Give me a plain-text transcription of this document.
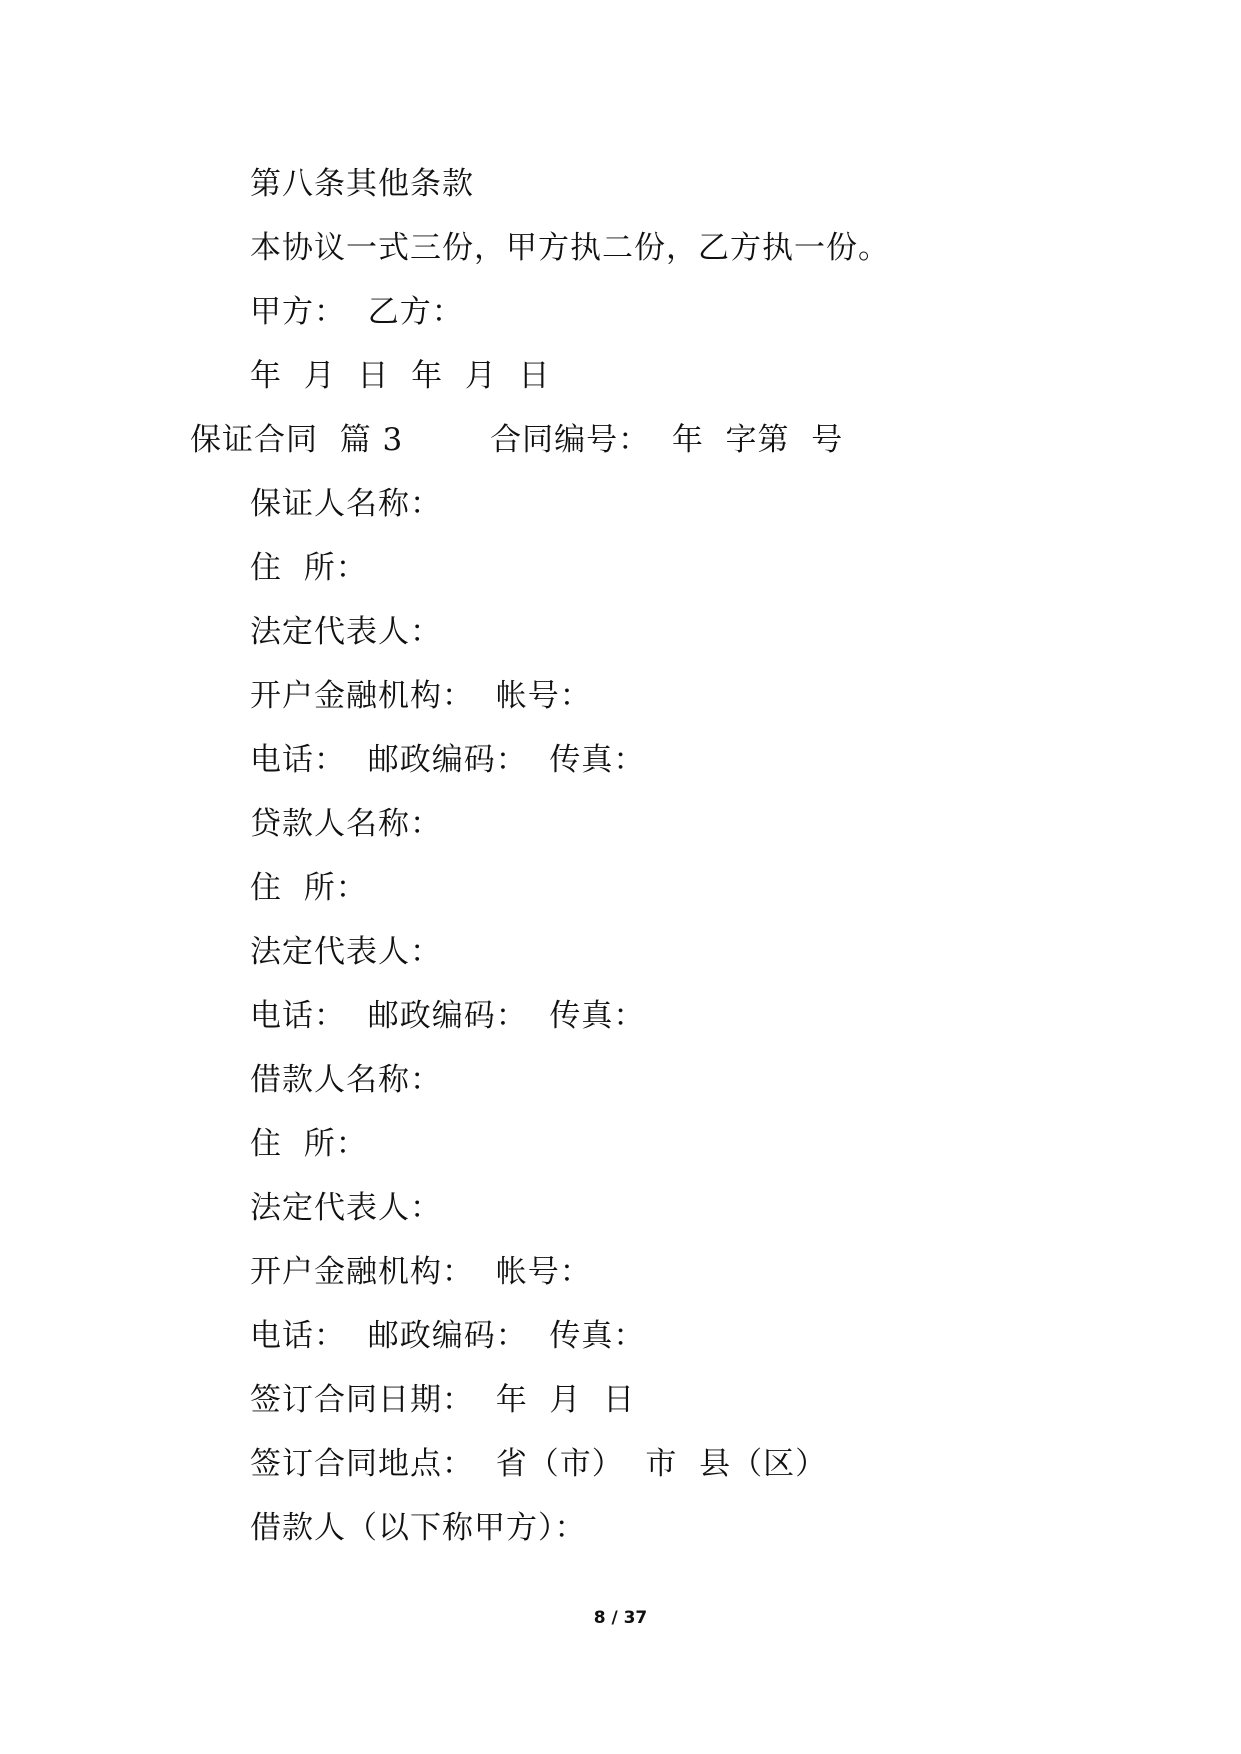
第八条其他条款
本协议一式三份，甲方执二份，乙方执一份。
甲方：  乙方：
年  月  日  年  月  日
保证合同  篇 3        合同编号：  年  字第  号
保证人名称：
住  所：
法定代表人：
开户金融机构：  帐号：
电话：  邮政编码：  传真：
贷款人名称：
住  所：
法定代表人：
电话：  邮政编码：  传真：
借款人名称：
住  所：
法定代表人：
开户金融机构：  帐号：
电话：  邮政编码：  传真：
签订合同日期：  年  月  日
签订合同地点：  省（市）  市  县（区）
借款人（以下称甲方）：
8 / 37
